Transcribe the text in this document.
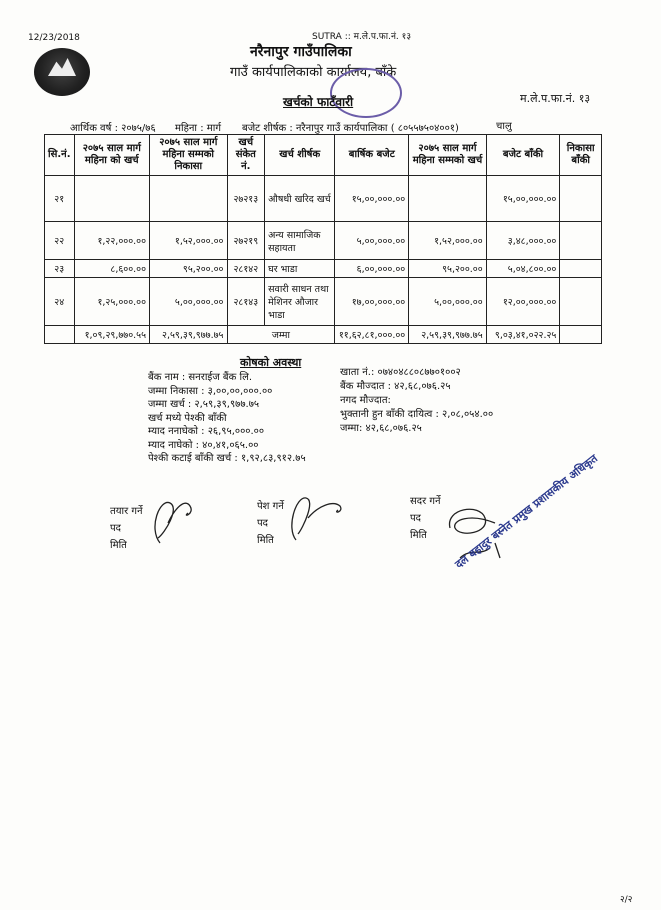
12/23/2018	SUTRA :: म.ले.प.फा.नं. १३
नरैनापुर गाउँपालिका
गाउँ कार्यपालिकाको कार्यालय, बाँके
खर्चको फाटँवारी	म.ले.प.फा.नं. १३
आर्थिक वर्ष : २०७५/७६ महिना : मार्ग बजेट शीर्षक : नरैनापुर गाउँ कार्यपालिका ( ८०५५७५०४००१)	चालु
सि.नं.	२०७५ साल मार्ग महिना को खर्च	२०७५ साल मार्ग महिना सम्मको निकासा	खर्च संकेत नं.	खर्च शीर्षक	बार्षिक बजेट	२०७५ साल मार्ग महिना सम्मको खर्च	बजेट बाँकी	निकासा बाँकी
२१			२७२१३	औषधी खरिद खर्च	१५,००,०००.००		१५,००,०००.००	
२२	१,२२,०००.००	१,५२,०००.००	२७२१९	अन्य सामाजिक सहायता	५,००,०००.००	१,५२,०००.००	३,४८,०००.००	
२३	८,६००.००	९५,२००.००	२८१४२	घर भाडा	६,००,०००.००	९५,२००.००	५,०४,८००.००	
२४	१,२५,०००.००	५,००,०००.००	२८१४३	सवारी साधन तथा मेशिनर औजार भाडा	१७,००,०००.००	५,००,०००.००	१२,००,०००.००	
	१,०९,२९,७७०.५५	२,५९,३९,९७७.७५	जम्मा		११,६२,८१,०००.००	२,५९,३९,९७७.७५	९,०३,४१,०२२.२५	
कोषको अवस्था
बैंक नाम : सनराईज बैंक लि.
जम्मा निकासा : ३,००,००,०००.००
जम्मा खर्च : २,५९,३९,९७७.७५
खर्च मध्ये पेश्की बाँकी
म्याद ननाघेको : २६,९५,०००.००
म्याद नाघेको : ४०,४१,०६५.००
पेश्की कटाई बाँकी खर्च : १,९२,८३,९१२.७५
खाता नं.: ०७४०४८८०८७७०१००२
बैंक मौज्दात : ४२,६८,०७६.२५
नगद मौज्दात:
भुक्तानी हुन बाँकी दायित्व : २,०८,०५४.००
जम्मा: ४२,६८,०७६.२५
तयार गर्ने
पद
मिति
पेश गर्ने
पद
मिति
सदर गर्ने
पद
मिति	दल बहादुर बस्नेत प्रमुख प्रशासकीय अधिकृत
२/२
